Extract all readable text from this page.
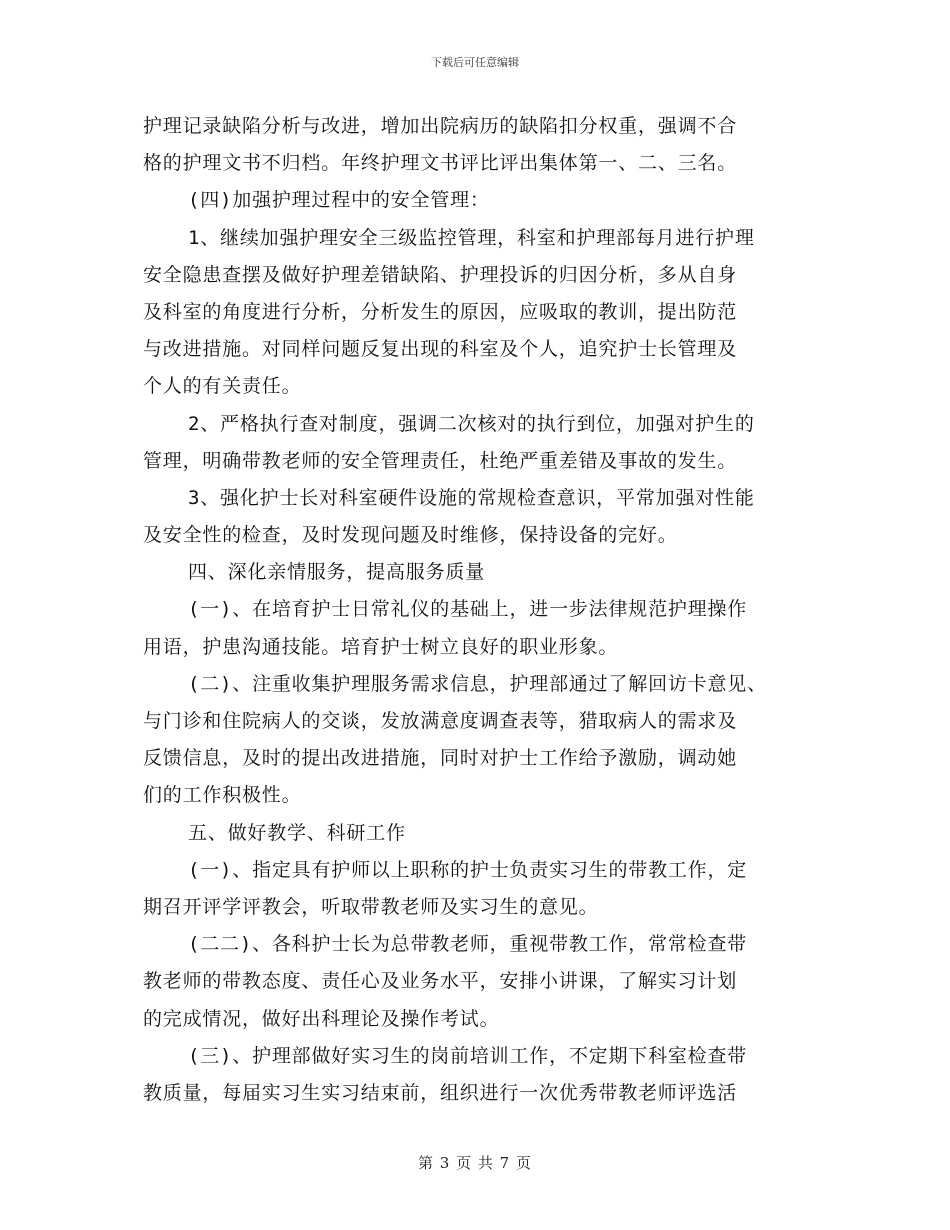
下载后可任意编辑
护理记录缺陷分析与改进，增加出院病历的缺陷扣分权重，强调不合
格的护理文书不归档。年终护理文书评比评出集体第一、二、三名。
(四)加强护理过程中的安全管理：
1、继续加强护理安全三级监控管理，科室和护理部每月进行护理
安全隐患查摆及做好护理差错缺陷、护理投诉的归因分析，多从自身
及科室的角度进行分析，分析发生的原因，应吸取的教训，提出防范
与改进措施。对同样问题反复出现的科室及个人，追究护士长管理及
个人的有关责任。
2、严格执行查对制度，强调二次核对的执行到位，加强对护生的
管理，明确带教老师的安全管理责任，杜绝严重差错及事故的发生。
3、强化护士长对科室硬件设施的常规检查意识，平常加强对性能
及安全性的检查，及时发现问题及时维修，保持设备的完好。
四、深化亲情服务，提高服务质量
(一)、在培育护士日常礼仪的基础上，进一步法律规范护理操作
用语，护患沟通技能。培育护士树立良好的职业形象。
(二)、注重收集护理服务需求信息，护理部通过了解回访卡意见、
与门诊和住院病人的交谈，发放满意度调查表等，猎取病人的需求及
反馈信息，及时的提出改进措施，同时对护士工作给予激励，调动她
们的工作积极性。
五、做好教学、科研工作
(一)、指定具有护师以上职称的护士负责实习生的带教工作，定
期召开评学评教会，听取带教老师及实习生的意见。
(二二)、各科护士长为总带教老师，重视带教工作，常常检查带
教老师的带教态度、责任心及业务水平，安排小讲课，了解实习计划
的完成情况，做好出科理论及操作考试。
(三)、护理部做好实习生的岗前培训工作，不定期下科室检查带
教质量，每届实习生实习结束前，组织进行一次优秀带教老师评选活
第 3 页 共 7 页
